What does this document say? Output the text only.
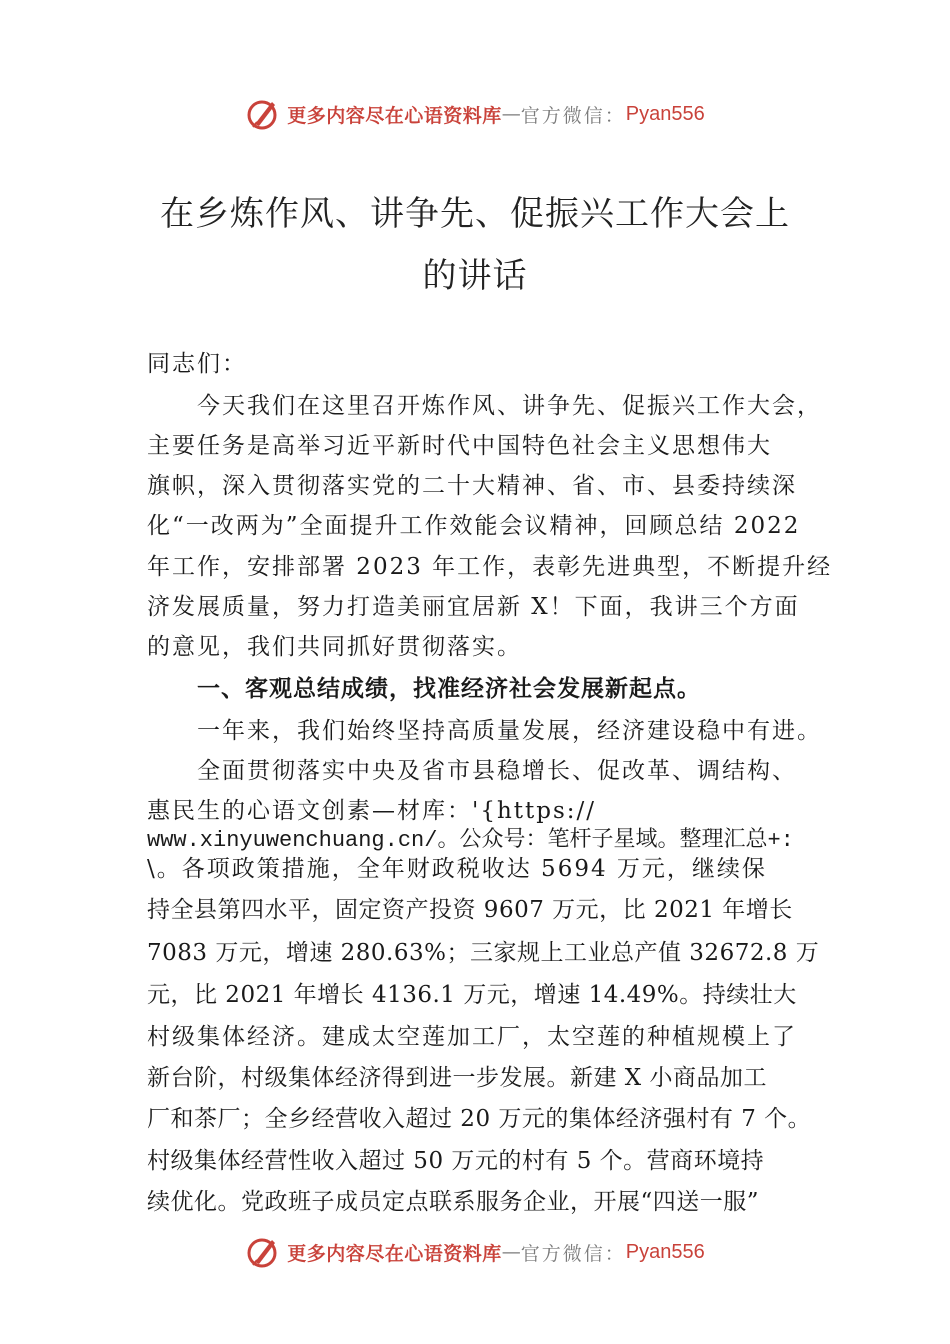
更多内容尽在心语资料库 — 官方微信： Pyan556
在乡炼作风、讲争先、促振兴工作大会上
的讲话
同志们：
今天我们在这里召开炼作风、讲争先、促振兴工作大会，
主要任务是高举习近平新时代中国特色社会主义思想伟大
旗帜，深入贯彻落实党的二十大精神、省、市、县委持续深
化“一改两为”全面提升工作效能会议精神，回顾总结 2022
年工作，安排部署 2023 年工作，表彰先进典型，不断提升经
济发展质量，努力打造美丽宜居新 X！下面，我讲三个方面
的意见，我们共同抓好贯彻落实。
一、客观总结成绩，找准经济社会发展新起点。
一年来，我们始终坚持高质量发展，经济建设稳中有进。
全面贯彻落实中央及省市县稳增长、促改革、调结构、
惠民生的心语文创素—材库：'{https://
www.xinyuwenchuang.cn/。公众号：笔杆子星域。整理汇总+:
\。各项政策措施，全年财政税收达 5694 万元，继续保
持全县第四水平，固定资产投资 9607 万元，比 2021 年增长
7083 万元，增速 280.63%；三家规上工业总产值 32672.8 万
元，比 2021 年增长 4136.1 万元，增速 14.49%。持续壮大
村级集体经济。建成太空莲加工厂，太空莲的种植规模上了
新台阶，村级集体经济得到进一步发展。新建 X 小商品加工
厂和茶厂；全乡经营收入超过 20 万元的集体经济强村有 7 个。
村级集体经营性收入超过 50 万元的村有 5 个。营商环境持
续优化。党政班子成员定点联系服务企业，开展“四送一服”
更多内容尽在心语资料库 — 官方微信： Pyan556
